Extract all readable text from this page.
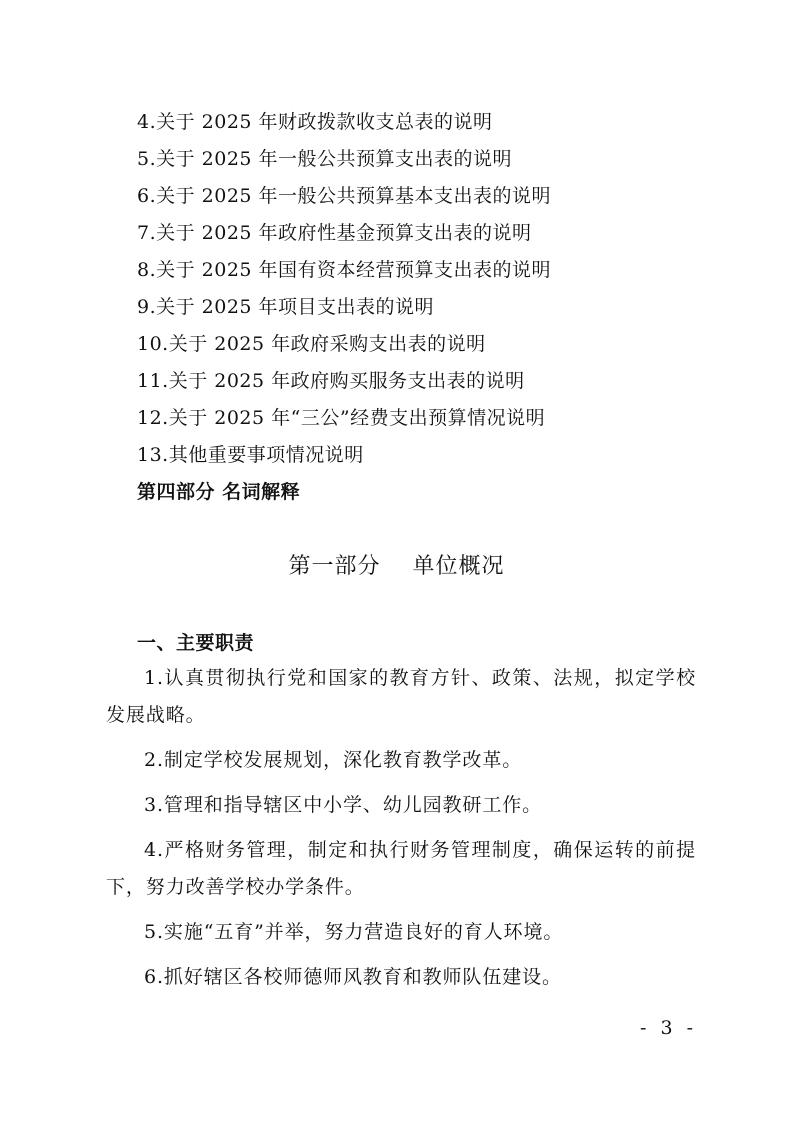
4.关于 2025 年财政拨款收支总表的说明
5.关于 2025 年一般公共预算支出表的说明
6.关于 2025 年一般公共预算基本支出表的说明
7.关于 2025 年政府性基金预算支出表的说明
8.关于 2025 年国有资本经营预算支出表的说明
9.关于 2025 年项目支出表的说明
10.关于 2025 年政府采购支出表的说明
11.关于 2025 年政府购买服务支出表的说明
12.关于 2025 年“三公”经费支出预算情况说明
13.其他重要事项情况说明
第四部分 名词解释
第一部分    单位概况
一、主要职责

1.认真贯彻执行党和国家的教育方针、政策、法规，拟定学校发展战略。

2.制定学校发展规划，深化教育教学改革。

3.管理和指导辖区中小学、幼儿园教研工作。

4.严格财务管理，制定和执行财务管理制度，确保运转的前提下，努力改善学校办学条件。

5.实施“五育”并举，努力营造良好的育人环境。

6.抓好辖区各校师德师风教育和教师队伍建设。

- 3 -
